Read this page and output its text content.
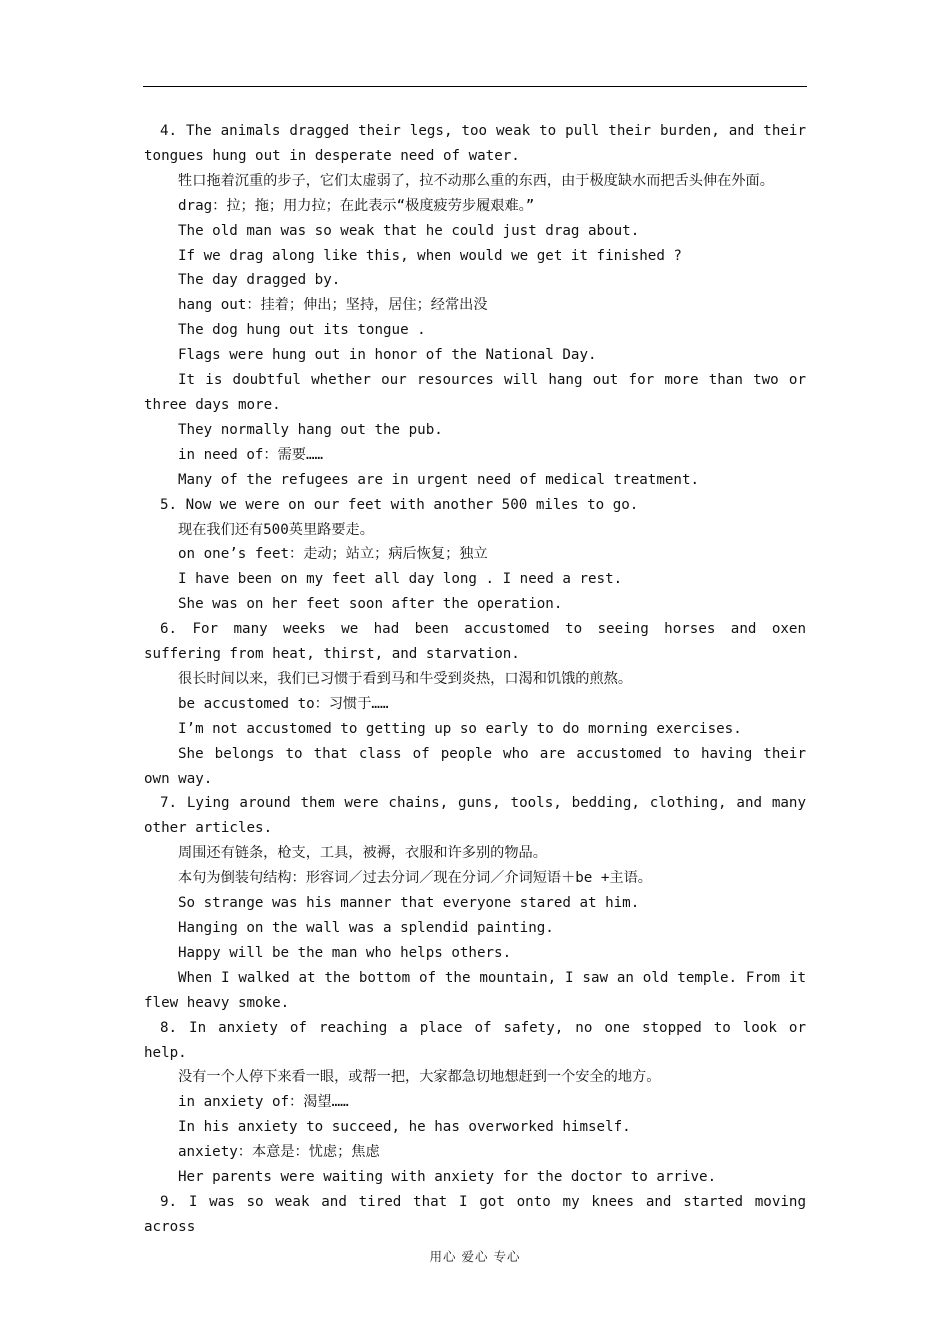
4. The animals dragged their legs, too weak to pull their burden, and their tongues hung out in desperate need of water.

牲口拖着沉重的步子，它们太虚弱了，拉不动那么重的东西，由于极度缺水而把舌头伸在外面。

drag：拉；拖；用力拉；在此表示“极度疲劳步履艰难。”

The old man was so weak that he could just drag about.

If we drag along like this, when would we get it finished ?

The day dragged by.

hang out：挂着；伸出；坚持，居住；经常出没

The dog hung out its tongue .

Flags were hung out in honor of the National Day.

It is doubtful whether our resources will hang out for more than two or three days more.

They normally hang out the pub.

in need of：需要……

Many of the refugees are in urgent need of medical treatment.

5. Now we were on our feet with another 500 miles to go.

现在我们还有500英里路要走。

on one’s feet：走动；站立；病后恢复；独立

I have been on my feet all day long . I need a rest.

She was on her feet soon after the operation.

6. For many weeks we had been accustomed to seeing horses and oxen suffering from heat, thirst, and starvation.

很长时间以来，我们已习惯于看到马和牛受到炎热，口渴和饥饿的煎熬。

be accustomed to：习惯于……

I’m not accustomed to getting up so early to do morning exercises.

She belongs to that class of people who are accustomed to having their own way.

7. Lying around them were chains, guns, tools, bedding, clothing, and many other articles.

周围还有链条，枪支，工具，被褥，衣服和许多别的物品。

本句为倒装句结构：形容词／过去分词／现在分词／介词短语＋be +主语。

So strange was his manner that everyone stared at him.

Hanging on the wall was a splendid painting.

Happy will be the man who helps others.

When I walked at the bottom of the mountain, I saw an old temple. From it flew heavy smoke.

8. In anxiety of reaching a place of safety, no one stopped to look or help.

没有一个人停下来看一眼，或帮一把，大家都急切地想赶到一个安全的地方。

in anxiety of：渴望……

In his anxiety to succeed, he has overworked himself.

anxiety：本意是：忧虑；焦虑

Her parents were waiting with anxiety for the doctor to arrive.

9. I was so weak and tired that I got onto my knees and started moving across

用心 爱心 专心
